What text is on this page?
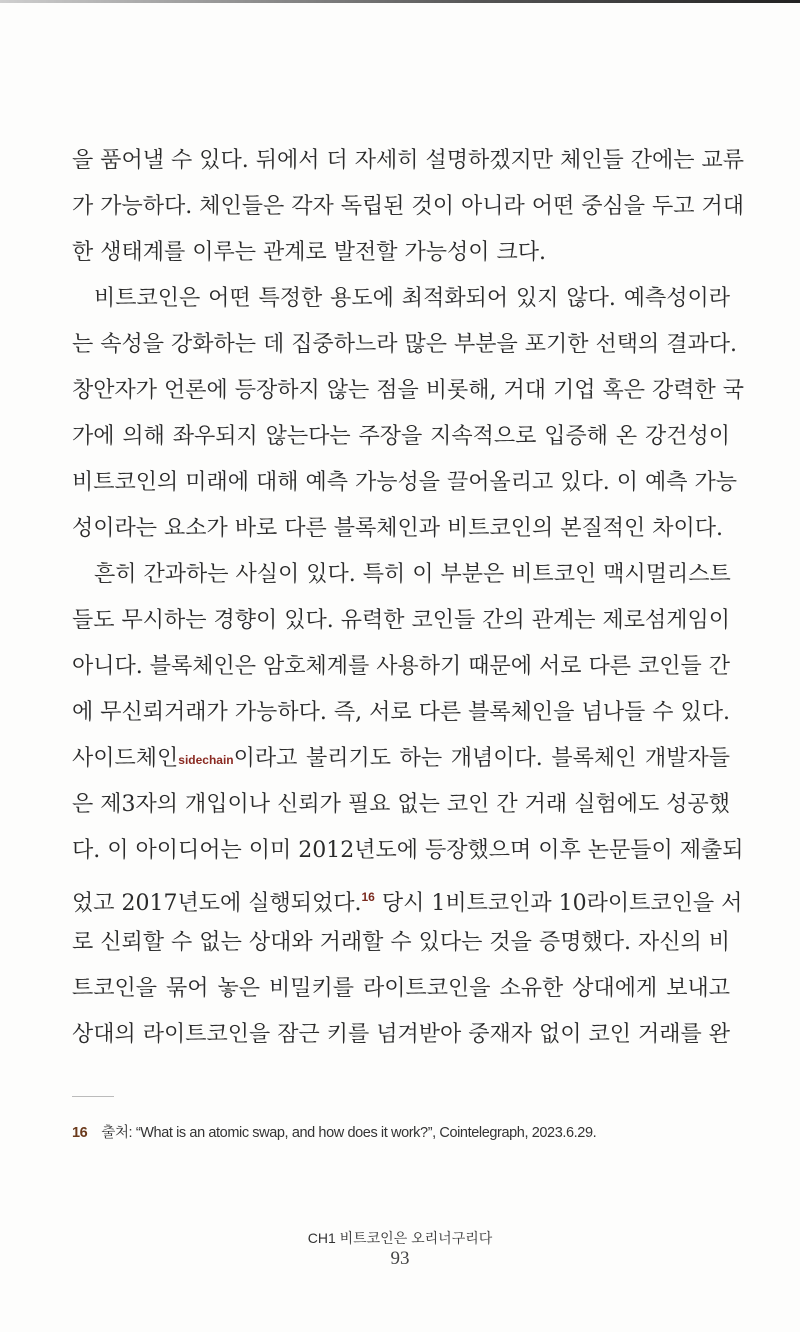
을 품어낼 수 있다. 뒤에서 더 자세히 설명하겠지만 체인들 간에는 교류
가 가능하다. 체인들은 각자 독립된 것이 아니라 어떤 중심을 두고 거대
한 생태계를 이루는 관계로 발전할 가능성이 크다.
비트코인은 어떤 특정한 용도에 최적화되어 있지 않다. 예측성이라
는 속성을 강화하는 데 집중하느라 많은 부분을 포기한 선택의 결과다.
창안자가 언론에 등장하지 않는 점을 비롯해, 거대 기업 혹은 강력한 국
가에 의해 좌우되지 않는다는 주장을 지속적으로 입증해 온 강건성이
비트코인의 미래에 대해 예측 가능성을 끌어올리고 있다. 이 예측 가능
성이라는 요소가 바로 다른 블록체인과 비트코인의 본질적인 차이다.
흔히 간과하는 사실이 있다. 특히 이 부분은 비트코인 맥시멀리스트
들도 무시하는 경향이 있다. 유력한 코인들 간의 관계는 제로섬게임이
아니다. 블록체인은 암호체계를 사용하기 때문에 서로 다른 코인들 간
에 무신뢰거래가 가능하다. 즉, 서로 다른 블록체인을 넘나들 수 있다.
사이드체인sidechain이라고 불리기도 하는 개념이다. 블록체인 개발자들
은 제3자의 개입이나 신뢰가 필요 없는 코인 간 거래 실험에도 성공했
다. 이 아이디어는 이미 2012년도에 등장했으며 이후 논문들이 제출되
었고 2017년도에 실행되었다.$^{16}$ 당시 1비트코인과 10라이트코인을 서
로 신뢰할 수 없는 상대와 거래할 수 있다는 것을 증명했다. 자신의 비
트코인을 묶어 놓은 비밀키를 라이트코인을 소유한 상대에게 보내고
상대의 라이트코인을 잠근 키를 넘겨받아 중재자 없이 코인 거래를 완
16 출처: “What is an atomic swap, and how does it work?”, Cointelegraph, 2023.6.29.
CH1 비트코인은 오리너구리다
93
